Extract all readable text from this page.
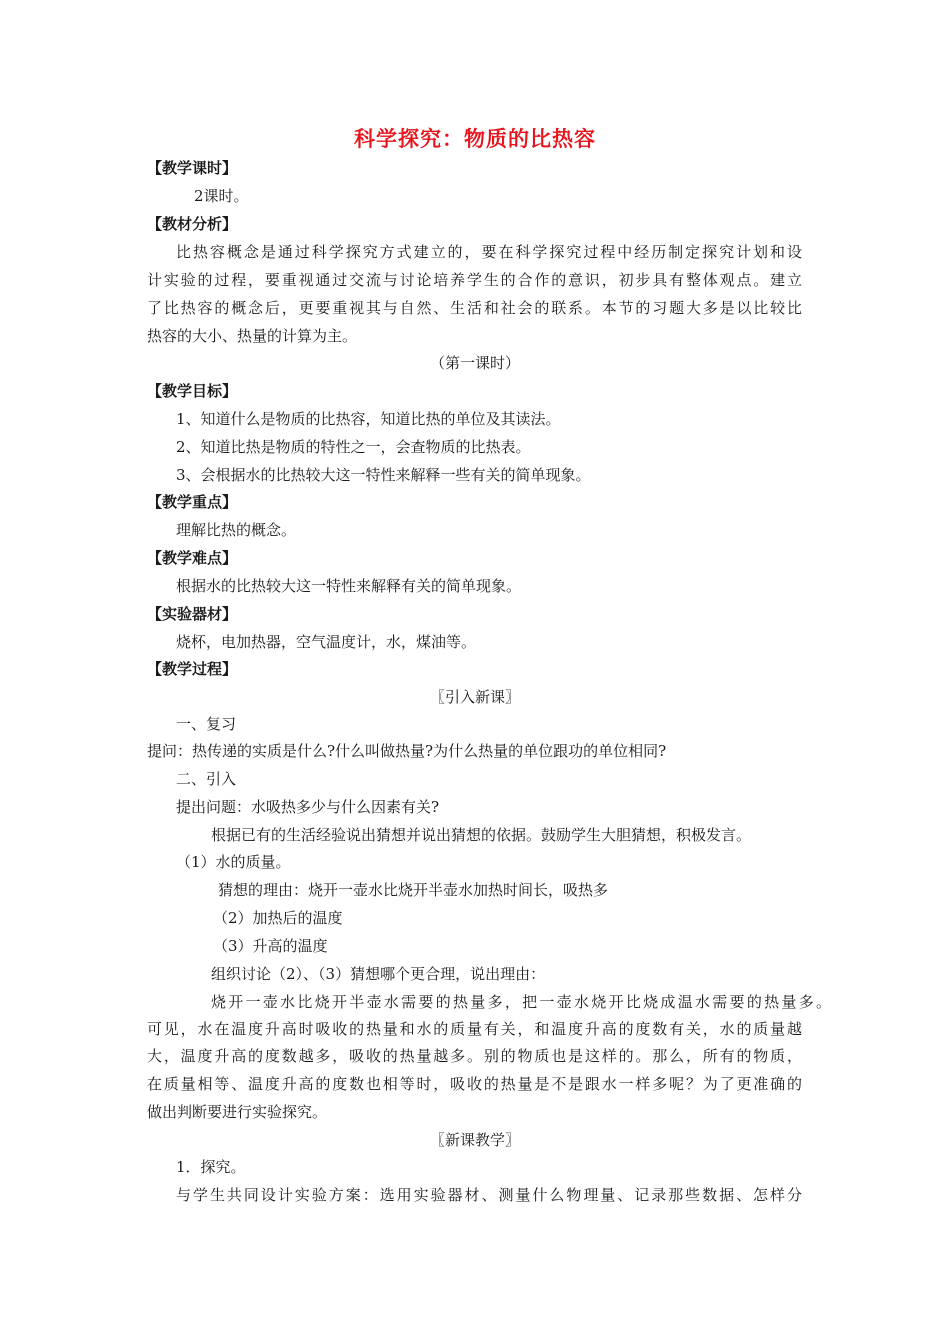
科学探究：物质的比热容
【教学课时】
2课时。
【教材分析】
比热容概念是通过科学探究方式建立的，要在科学探究过程中经历制定探究计划和设
计实验的过程，要重视通过交流与讨论培养学生的合作的意识，初步具有整体观点。建立
了比热容的概念后，更要重视其与自然、生活和社会的联系。本节的习题大多是以比较比
热容的大小、热量的计算为主。
（第一课时）
【教学目标】
1、知道什么是物质的比热容，知道比热的单位及其读法。
2、知道比热是物质的特性之一，会查物质的比热表。
3、会根据水的比热较大这一特性来解释一些有关的简单现象。
【教学重点】
理解比热的概念。
【教学难点】
根据水的比热较大这一特性来解释有关的简单现象。
【实验器材】
烧杯，电加热器，空气温度计，水，煤油等。
【教学过程】
〖引入新课〗
一、复习
提问：热传递的实质是什么?什么叫做热量?为什么热量的单位跟功的单位相同?
二、引入
提出问题：水吸热多少与什么因素有关?
根据已有的生活经验说出猜想并说出猜想的依据。鼓励学生大胆猜想，积极发言。
（1）水的质量。
猜想的理由：烧开一壶水比烧开半壶水加热时间长，吸热多
（2）加热后的温度
（3）升高的温度
组织讨论（2）、（3）猜想哪个更合理，说出理由：
烧开一壶水比烧开半壶水需要的热量多，把一壶水烧开比烧成温水需要的热量多。
可见，水在温度升高时吸收的热量和水的质量有关，和温度升高的度数有关，水的质量越
大，温度升高的度数越多，吸收的热量越多。别的物质也是这样的。那么，所有的物质，
在质量相等、温度升高的度数也相等时，吸收的热量是不是跟水一样多呢？为了更准确的
做出判断要进行实验探究。
〖新课教学〗
1．探究。
与学生共同设计实验方案：选用实验器材、测量什么物理量、记录那些数据、怎样分
